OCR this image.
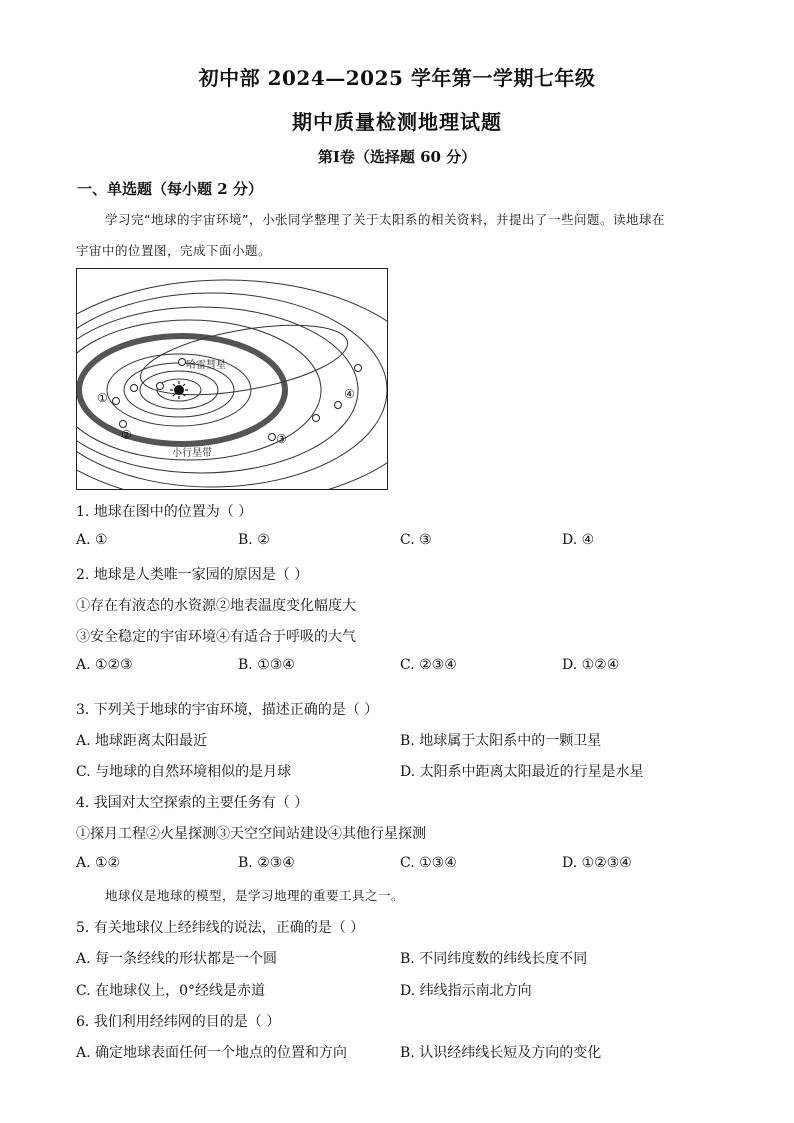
初中部 2024—2025 学年第一学期七年级
期中质量检测地理试题
第Ⅰ卷（选择题 60 分）
一、单选题（每小题 2 分）
学习完“地球的宇宙环境”，小张同学整理了关于太阳系的相关资料，并提出了一些问题。读地球在
宇宙中的位置图，完成下面小题。
哈雷彗星
小行星带
①
②	③
④
1. 地球在图中的位置为（ ）
A. ①	B. ②	C. ③	D. ④
2. 地球是人类唯一家园的原因是（ ）
①存在有液态的水资源②地表温度变化幅度大
③安全稳定的宇宙环境④有适合于呼吸的大气
A. ①②③	B. ①③④	C. ②③④	D. ①②④
3. 下列关于地球的宇宙环境，描述正确的是（ ）
A. 地球距离太阳最近	B. 地球属于太阳系中的一颗卫星
C. 与地球的自然环境相似的是月球	D. 太阳系中距离太阳最近的行星是水星
4. 我国对太空探索的主要任务有（ ）
①探月工程②火星探测③天空空间站建设④其他行星探测
A. ①②	B. ②③④	C. ①③④	D. ①②③④
地球仪是地球的模型，是学习地理的重要工具之一。
5. 有关地球仪上经纬线的说法，正确的是（ ）
A. 每一条经线的形状都是一个圆	B. 不同纬度数的纬线长度不同
C. 在地球仪上，0°经线是赤道	D. 纬线指示南北方向
6. 我们利用经纬网的目的是（ ）
A. 确定地球表面任何一个地点的位置和方向	B. 认识经纬线长短及方向的变化
